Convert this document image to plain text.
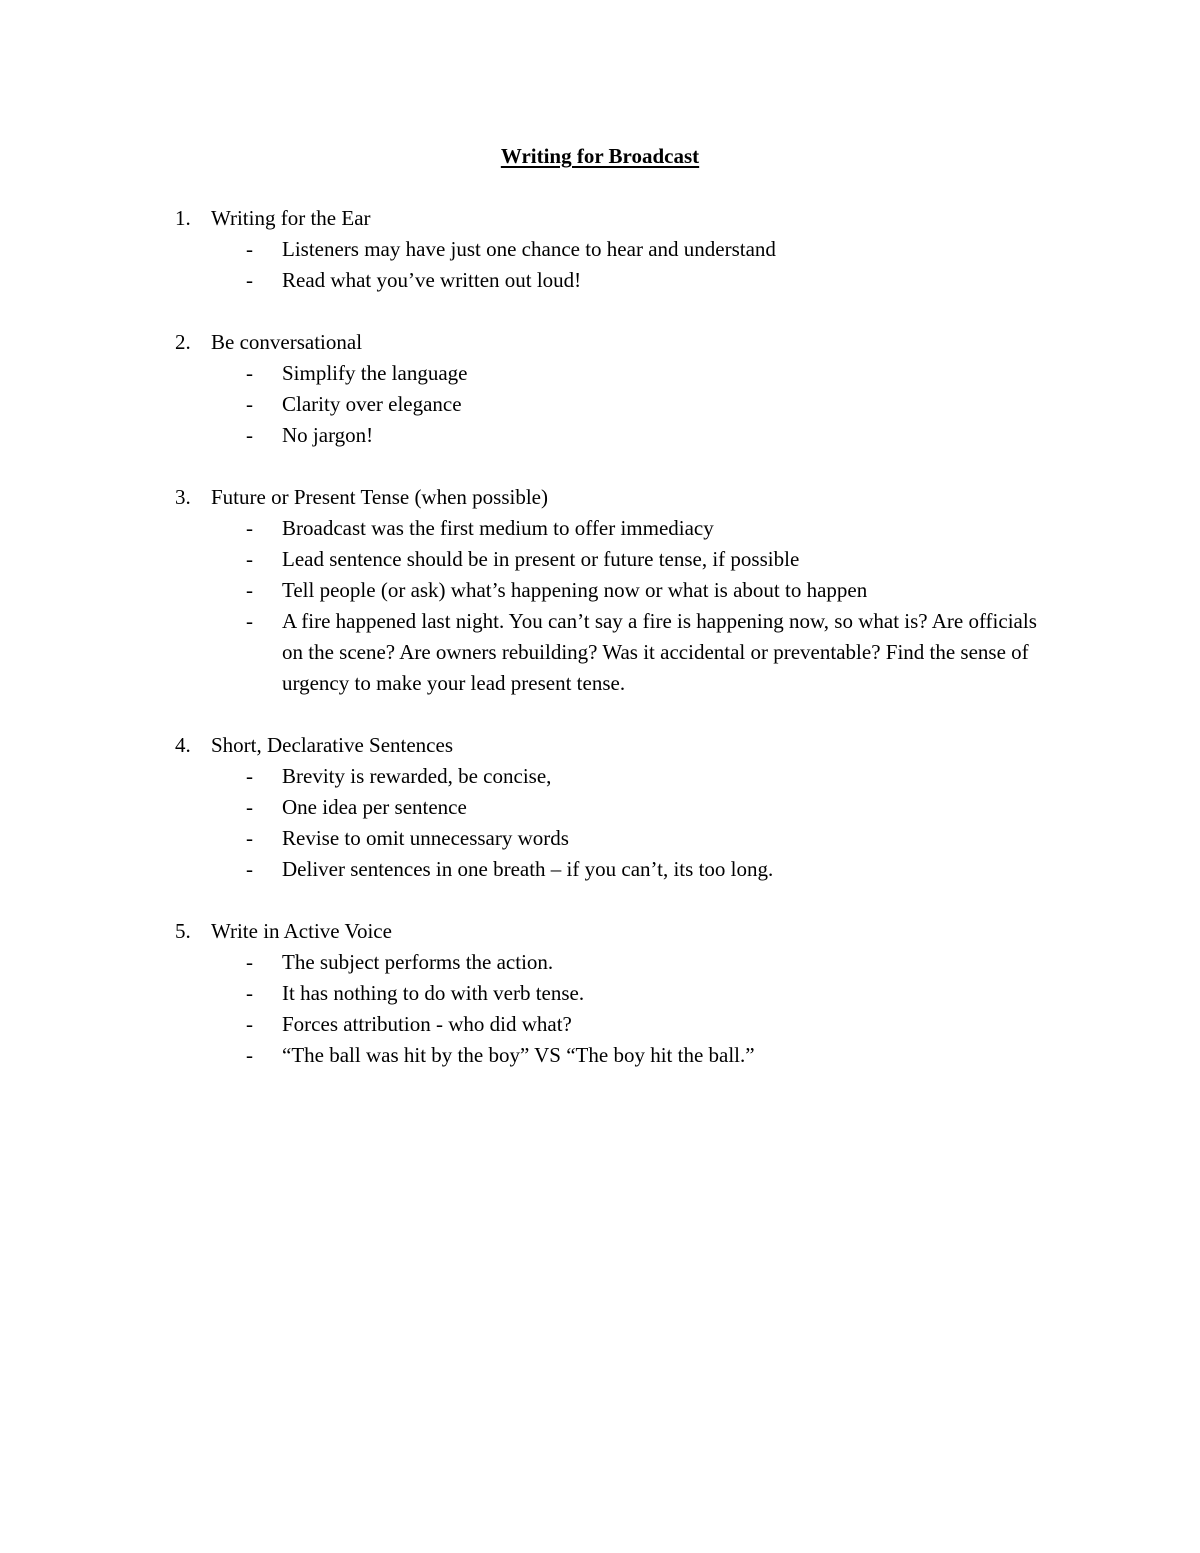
Writing for Broadcast
1. Writing for the Ear
- Listeners may have just one chance to hear and understand
- Read what you’ve written out loud!
2. Be conversational
- Simplify the language
- Clarity over elegance
- No jargon!
3. Future or Present Tense (when possible)
- Broadcast was the first medium to offer immediacy
- Lead sentence should be in present or future tense, if possible
- Tell people (or ask) what’s happening now or what is about to happen
- A fire happened last night. You can’t say a fire is happening now, so what is? Are officials on the scene? Are owners rebuilding? Was it accidental or preventable? Find the sense of urgency to make your lead present tense.
4. Short, Declarative Sentences
- Brevity is rewarded, be concise,
- One idea per sentence
- Revise to omit unnecessary words
- Deliver sentences in one breath – if you can’t, its too long.
5. Write in Active Voice
- The subject performs the action.
- It has nothing to do with verb tense.
- Forces attribution - who did what?
- “The ball was hit by the boy” VS “The boy hit the ball.”
